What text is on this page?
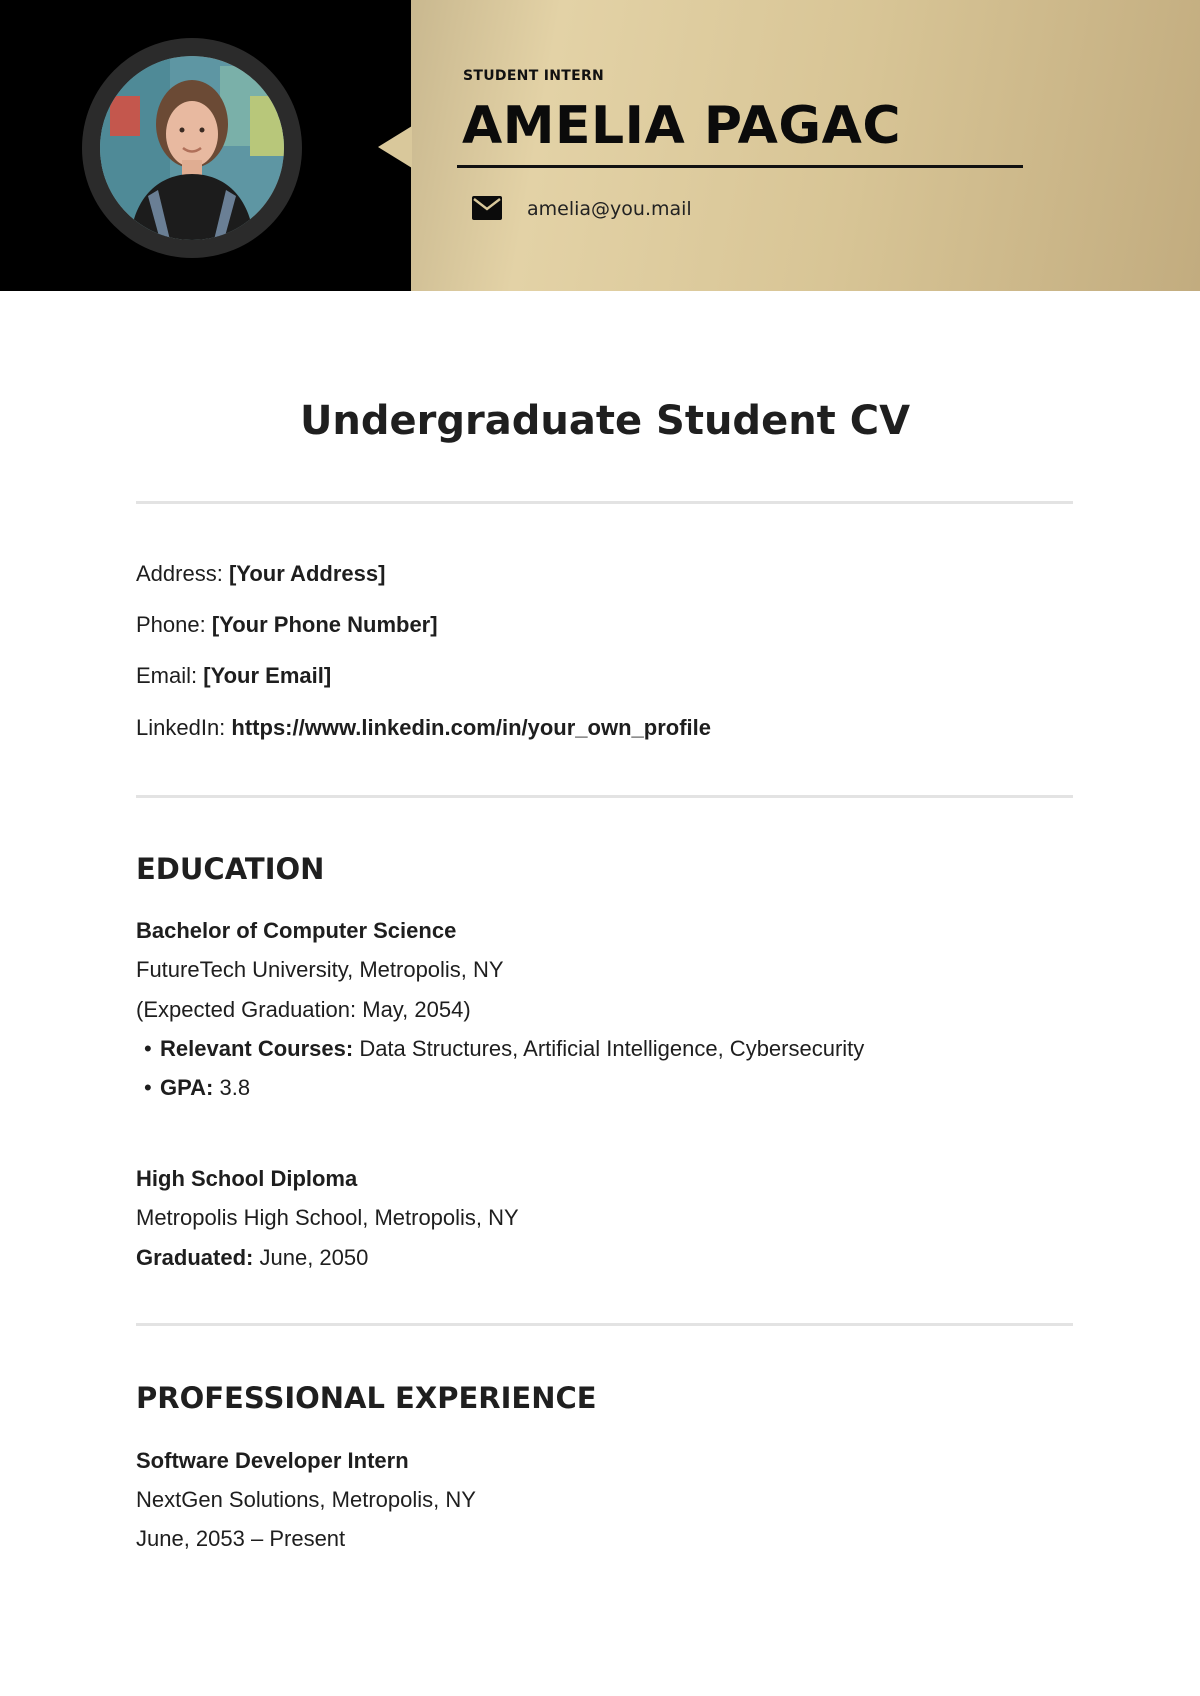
STUDENT INTERN
AMELIA PAGAC
amelia@you.mail
Undergraduate Student CV
Address: [Your Address]
Phone: [Your Phone Number]
Email: [Your Email]
LinkedIn: https://www.linkedin.com/in/your_own_profile
EDUCATION
Bachelor of Computer Science
FutureTech University, Metropolis, NY
(Expected Graduation: May, 2054)
• Relevant Courses: Data Structures, Artificial Intelligence, Cybersecurity
• GPA: 3.8
High School Diploma
Metropolis High School, Metropolis, NY
Graduated: June, 2050
PROFESSIONAL EXPERIENCE
Software Developer Intern
NextGen Solutions, Metropolis, NY
June, 2053 – Present
